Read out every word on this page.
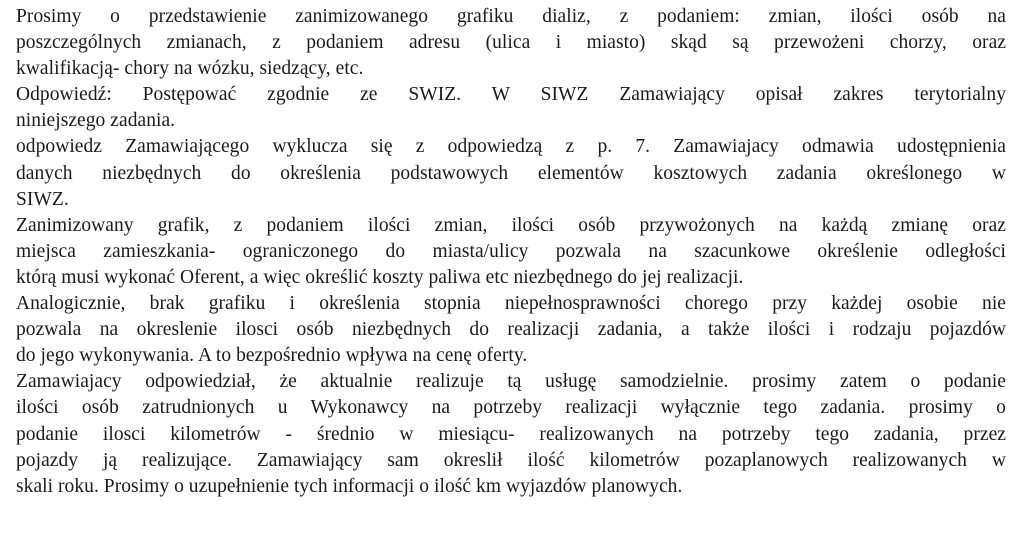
Prosimy o przedstawienie zanimizowanego grafiku dializ, z podaniem: zmian, ilości osób na
poszczególnych zmianach, z podaniem adresu (ulica i miasto) skąd są przewożeni chorzy, oraz
kwalifikacją- chory na wózku, siedzący, etc.

Odpowiedź: Postępować zgodnie ze SWIZ. W SIWZ Zamawiający opisał zakres terytorialny
niniejszego zadania.

odpowiedz Zamawiającego wyklucza się z odpowiedzą z p. 7. Zamawiajacy odmawia udostępnienia
danych niezbędnych do określenia podstawowych elementów kosztowych zadania określonego w
SIWZ.

Zanimizowany grafik, z podaniem ilości zmian, ilości osób przywożonych na każdą zmianę oraz
miejsca zamieszkania- ograniczonego do miasta/ulicy pozwala na szacunkowe określenie odległości
którą musi wykonać Oferent, a więc określić koszty paliwa etc niezbędnego do jej realizacji.

Analogicznie, brak grafiku i określenia stopnia niepełnosprawności chorego przy każdej osobie nie
pozwala na okreslenie ilosci osób niezbędnych do realizacji zadania, a także ilości i rodzaju pojazdów
do jego wykonywania. A to bezpośrednio wpływa na cenę oferty.

Zamawiajacy odpowiedział, że aktualnie realizuje tą usługę samodzielnie. prosimy zatem o podanie
ilości osób zatrudnionych u Wykonawcy na potrzeby realizacji wyłącznie tego zadania. prosimy o
podanie ilosci kilometrów - średnio w miesiącu- realizowanych na potrzeby tego zadania, przez
pojazdy ją realizujące. Zamawiający sam okreslił ilość kilometrów pozaplanowych realizowanych w
skali roku. Prosimy o uzupełnienie tych informacji o ilość km wyjazdów planowych.
